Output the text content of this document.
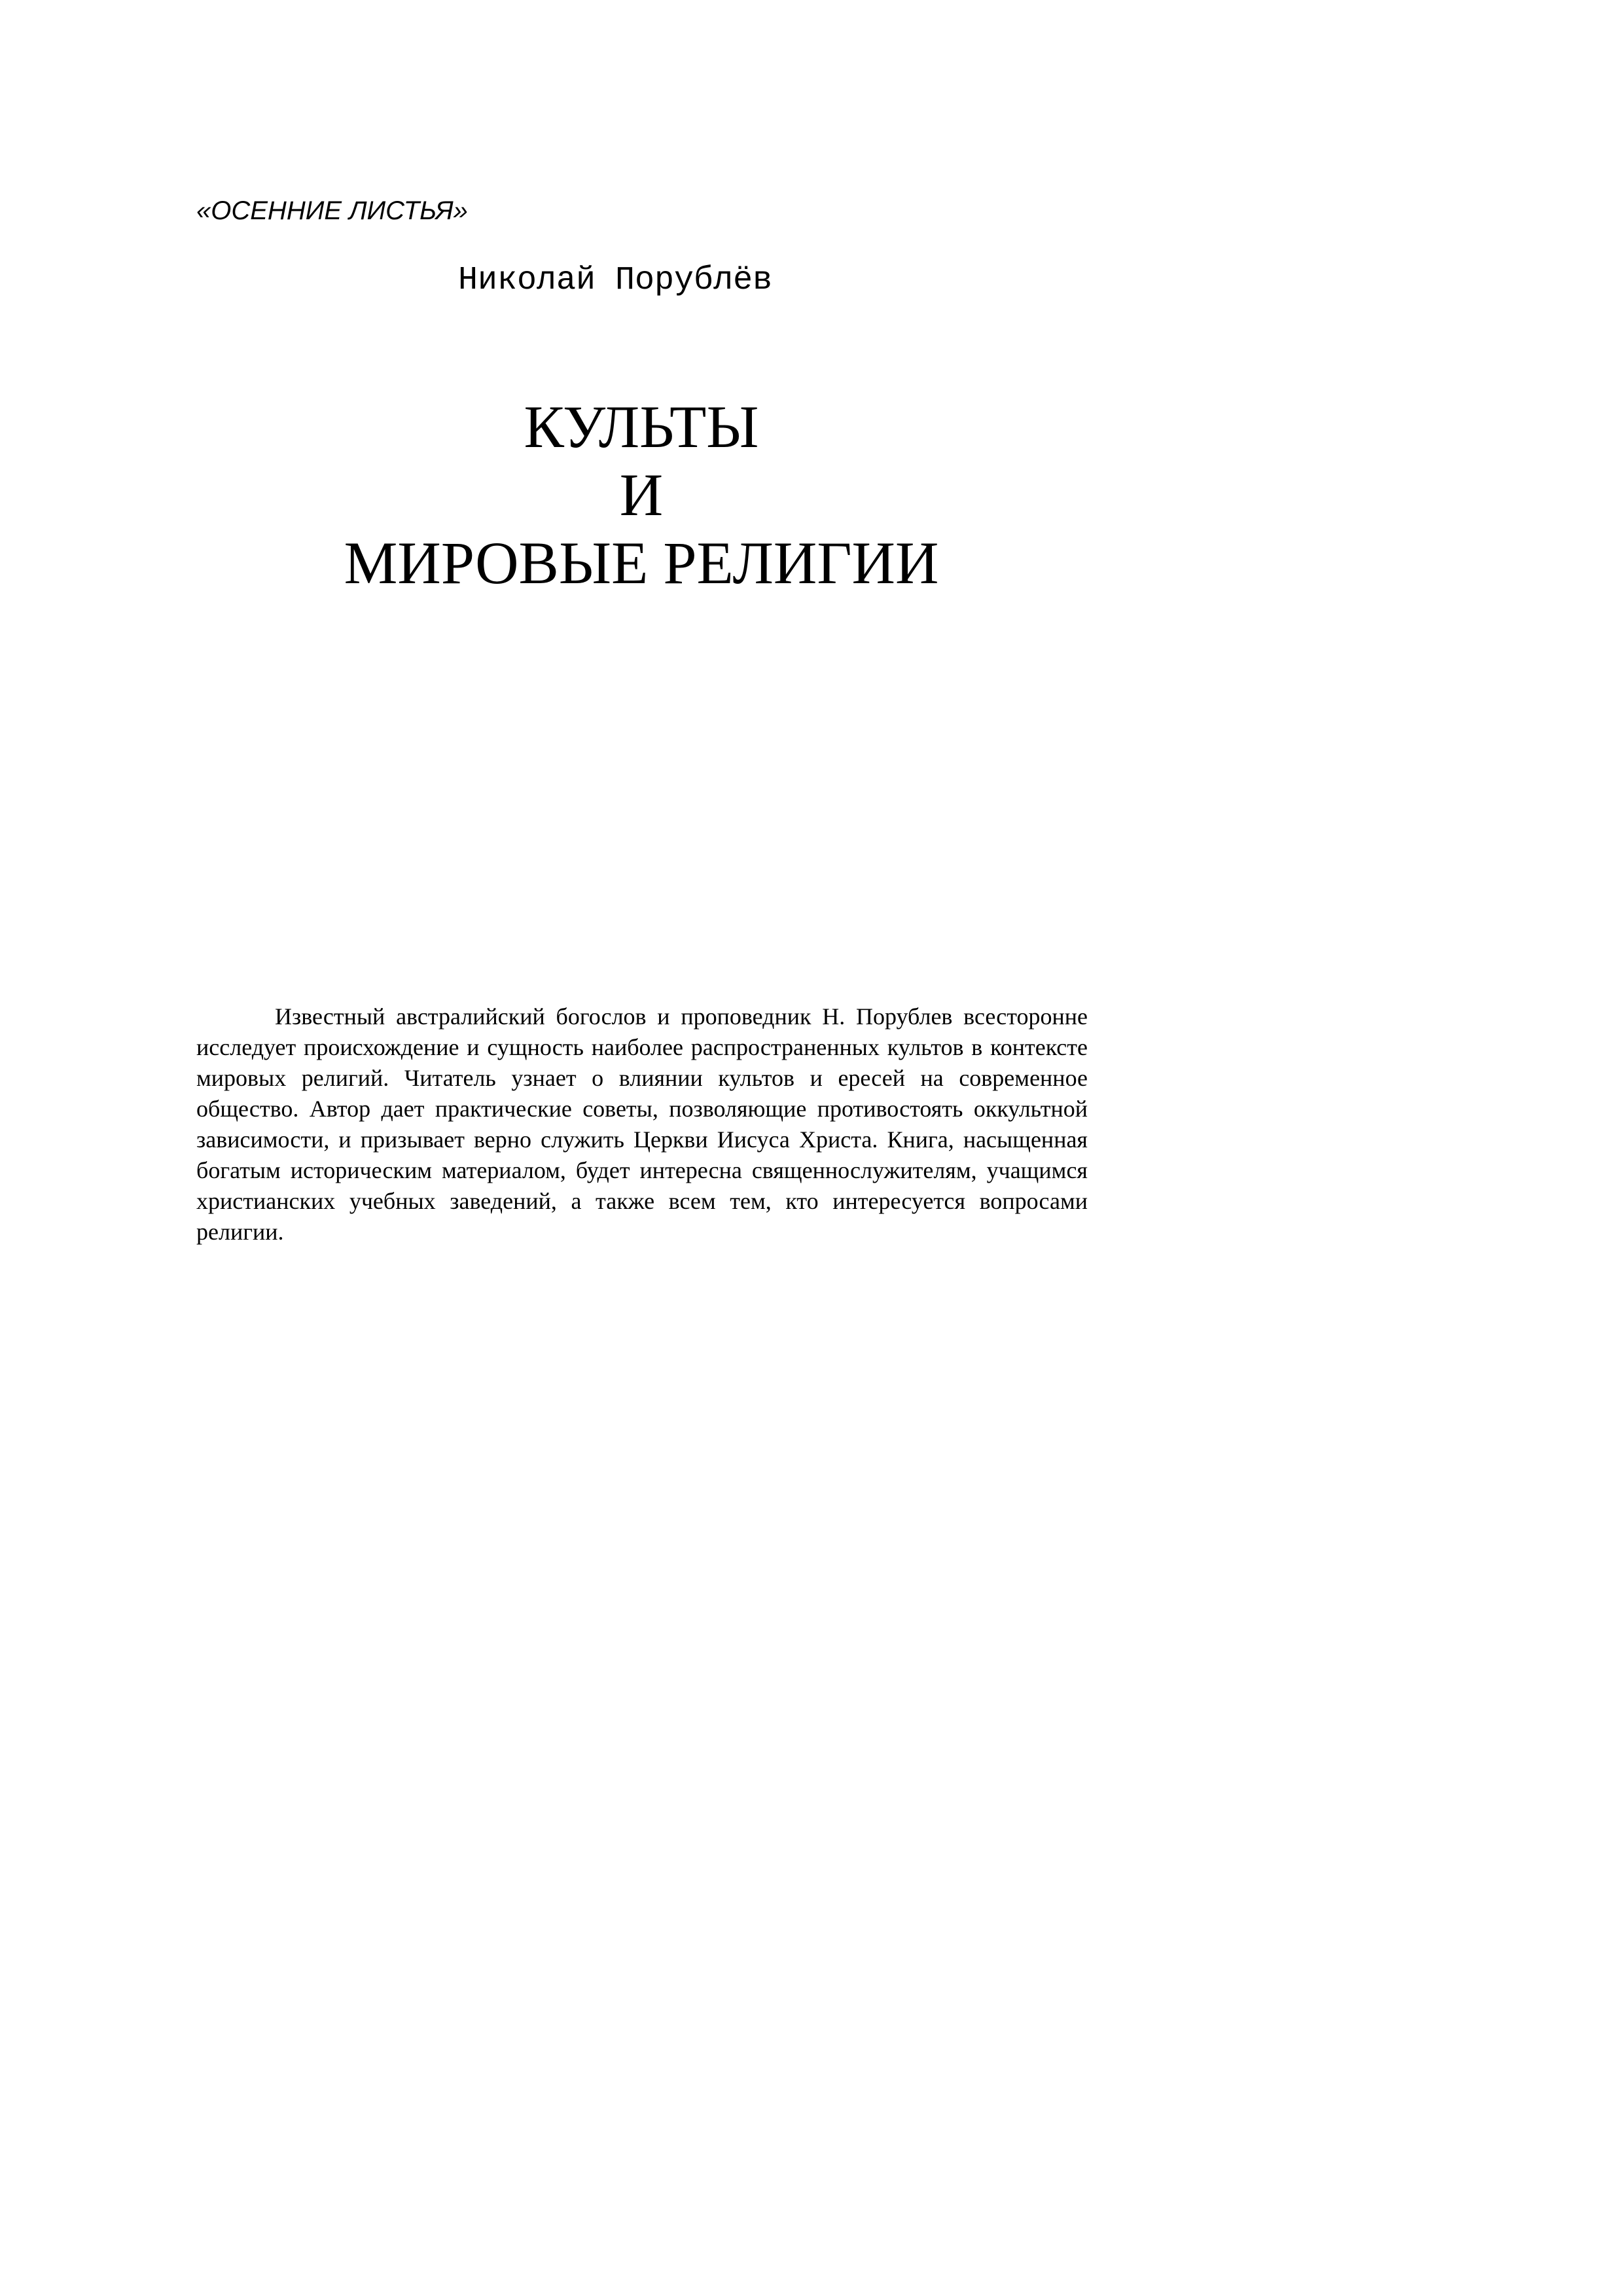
«ОСЕННИЕ ЛИСТЬЯ»

Николай Порублёв

КУЛЬТЫ
И
МИРОВЫЕ РЕЛИГИИ

Известный австралийский богослов и проповедник Н. Порублев всесторонне исследует происхождение и сущность наиболее распространенных культов в контексте мировых религий. Читатель узнает о влиянии культов и ересей на современное общество. Автор дает практические советы, позволяющие противостоять оккультной зависимости, и призывает верно служить Церкви Иисуса Христа. Книга, насыщенная богатым историческим материалом, будет интересна священнослужителям, учащимся христианских учебных заведений, а также всем тем, кто интересуется вопросами религии.
